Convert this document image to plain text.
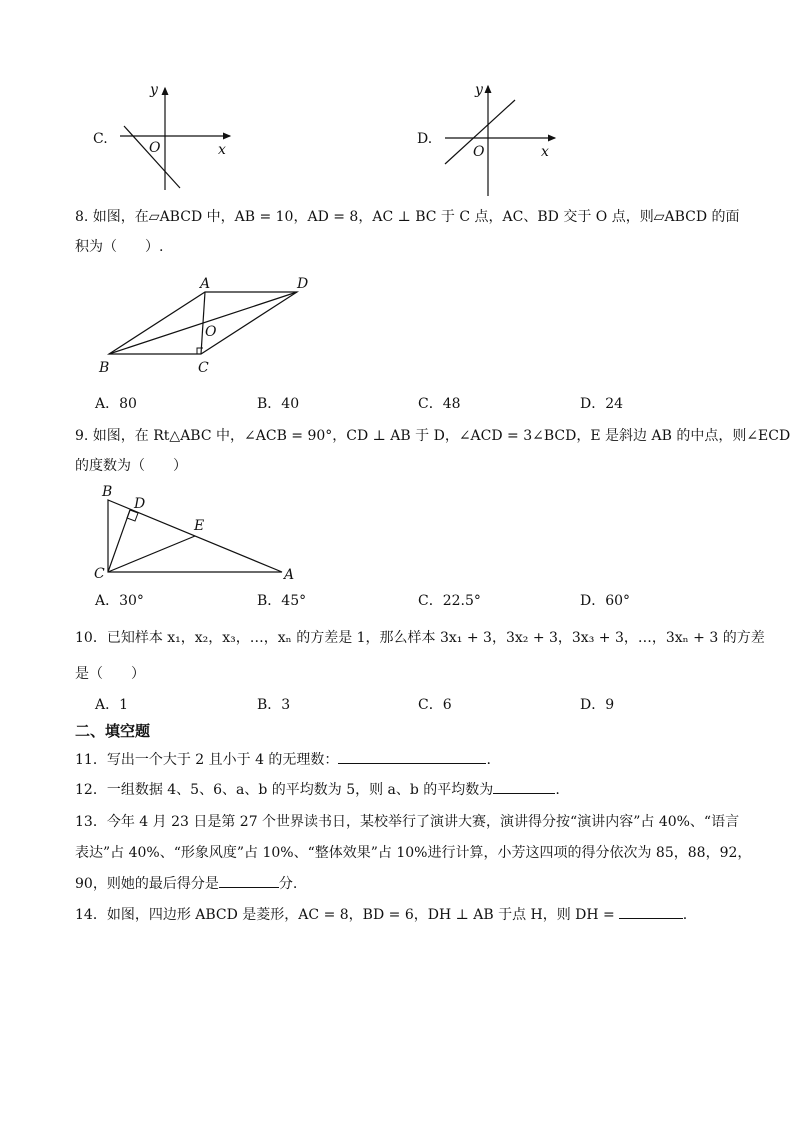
C.
y
x
O
D.
y
x
O
8. 如图，在▱ABCD 中，AB = 10，AD = 8，AC ⊥ BC 于 C 点，AC、BD 交于 O 点，则▱ABCD 的面
积为（　　）.
A	D
O
B	C
A．80	B．40	C．48	D．24
9. 如图，在 Rt△ABC 中，∠ACB = 90°，CD ⊥ AB 于 D，∠ACD = 3∠BCD，E 是斜边 AB 的中点，则∠ECD
的度数为（　　）
B
D
E
C	A
A．30°	B．45°	C．22.5°	D．60°
10．已知样本 x₁，x₂，x₃，…，xₙ 的方差是 1，那么样本 3x₁ + 3，3x₂ + 3，3x₃ + 3，…，3xₙ + 3 的方差
是（　　）
A．1	B．3	C．6	D．9
二、填空题
11．写出一个大于 2 且小于 4 的无理数：	.
12．一组数据 4、5、6、a、b 的平均数为 5，则 a、b 的平均数为	.
13．今年 4 月 23 日是第 27 个世界读书日，某校举行了演讲大赛，演讲得分按“演讲内容”占 40%、“语言
表达”占 40%、“形象风度”占 10%、“整体效果”占 10%进行计算，小芳这四项的得分依次为 85，88，92，
90，则她的最后得分是	分.
14．如图，四边形 ABCD 是菱形，AC = 8，BD = 6，DH ⊥ AB 于点 H，则 DH =	.
